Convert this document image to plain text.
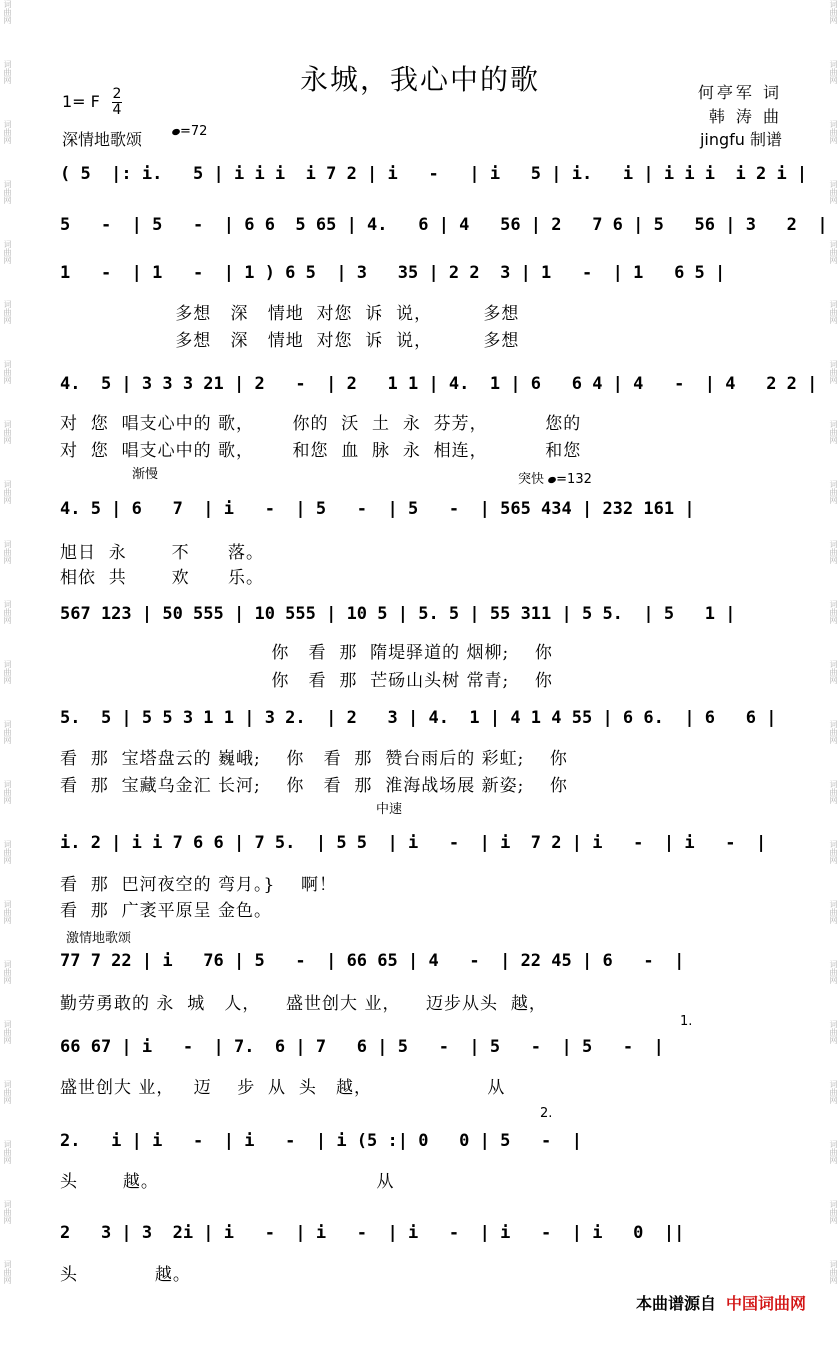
词曲网
词曲网
词曲网
词曲网
词曲网
词曲网
词曲网
词曲网
词曲网
词曲网
词曲网
词曲网
词曲网
词曲网
词曲网
词曲网
词曲网
词曲网
词曲网
词曲网
词曲网
词曲网
词曲网
词曲网
词曲网
词曲网
词曲网
词曲网
词曲网
词曲网
词曲网
词曲网
词曲网
词曲网
词曲网
词曲网
词曲网
词曲网
词曲网
词曲网
词曲网
词曲网
词曲网
词曲网
永城，我心中的歌	何亭军 词
韩 涛 曲
jingfu 制谱
1= F $\frac{2}{4}$
深情地歌颂	=72
( 5  |: i.   5 | i i i  i 7 2 | i   -   | i   5 | i.   i | i i i  i 2 i |
5   -  | 5   -  | 6 6  5 65 | 4.   6 | 4   56 | 2   7 6 | 5   56 | 3   2  |
1   -  | 1   -  | 1 ) 6 5  | 3   35 | 2 2  3 | 1   -  | 1   6 5 |
多想   深   情地  对您  诉  说，        多想
多想   深   情地  对您  诉  说，        多想
4.  5 | 3 3 3 21 | 2   -  | 2   1 1 | 4.  1 | 6   6 4 | 4   -  | 4   2 2 |
对  您  唱支心中的 歌，      你的  沃  土  永  芬芳，         您的
对  您  唱支心中的 歌，      和您  血  脉  永  相连，         和您
渐慢	突快 =132
4. 5 | 6   7  | i   -  | 5   -  | 5   -  | 565 434 | 232 161 |
旭日  永       不      落。
相依  共       欢      乐。
567 123 | 50 555 | 10 555 | 10 5 | 5. 5 | 55 311 | 5 5.  | 5   1 |
你   看  那  隋堤驿道的 烟柳;    你
你   看  那  芒砀山头树 常青;    你
5.  5 | 5 5 3 1 1 | 3 2.  | 2   3 | 4.  1 | 4 1 4 55 | 6 6.  | 6   6 |
看  那  宝塔盘云的 巍峨;    你   看  那  赞台雨后的 彩虹;    你
看  那  宝藏乌金汇 长河;    你   看  那  淮海战场展 新姿;    你
中速
i. 2 | i i 7 6 6 | 7 5.  | 5 5  | i   -  | i  7 2 | i   -  | i   -  |
看  那  巴河夜空的 弯月。}    啊！
看  那  广袤平原呈 金色。
激情地歌颂
77 7 22 | i   76 | 5   -  | 66 65 | 4   -  | 22 45 | 6   -  |
勤劳勇敢的 永  城   人，    盛世创大 业，    迈步从头  越，
1.
66 67 | i   -  | 7.  6 | 7   6 | 5   -  | 5   -  | 5   -  |
盛世创大 业，   迈    步  从  头   越，                  从
2.
2.   i | i   -  | i   -  | i (5 :| 0   0 | 5   -  |
头       越。                                  从
2   3 | 3  2i | i   -  | i   -  | i   -  | i   -  | i   0  ||
头            越。
本曲谱源自 中国词曲网
